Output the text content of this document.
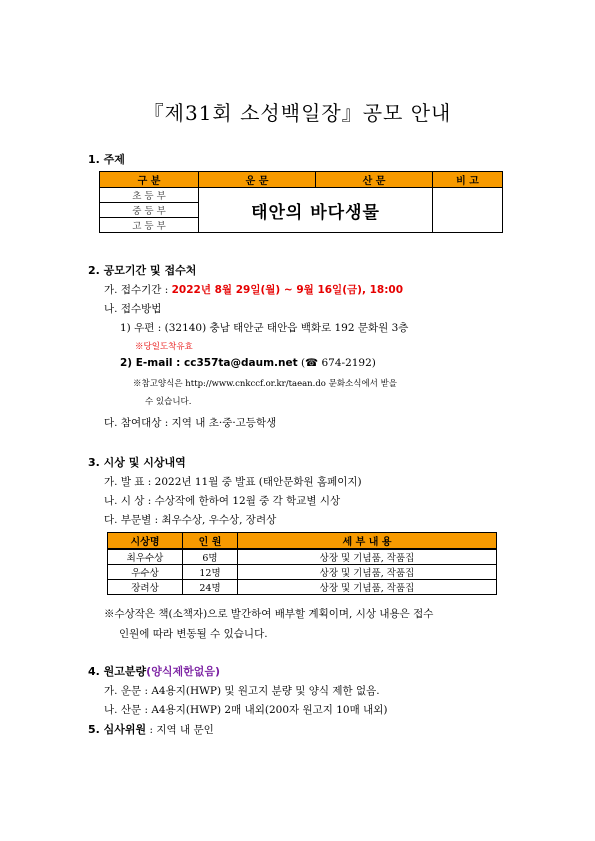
『제31회 소성백일장』공모 안내
1. 주제
구 분	운 문	산 문	비 고
초 등 부	태안의 바다생물		
중 등 부			
고 등 부			
2. 공모기간 및 접수처
가. 접수기간 : 2022년 8월 29일(월) ~ 9월 16일(금), 18:00
나. 접수방법
1) 우편 : (32140) 충남 태안군 태안읍 백화로 192 문화원 3층
※당일도착유효
2) E-mail : cc357ta@daum.net (☎ 674-2192)
※참고양식은 http://www.cnkccf.or.kr/taean.do 문화소식에서 받을
수 있습니다.
다. 참여대상 : 지역 내 초·중·고등학생
3. 시상 및 시상내역
가. 발 표 : 2022년 11월 중 발표 (태안문화원 홈페이지)
나. 시 상 : 수상작에 한하여 12월 중 각 학교별 시상
다. 부문별 : 최우수상, 우수상, 장려상
시상명	인 원	세 부 내 용
최우수상	6명	상장 및 기념품, 작품집
우수상	12명	상장 및 기념품, 작품집
장려상	24명	상장 및 기념품, 작품집
※수상작은 책(소책자)으로 발간하여 배부할 계획이며, 시상 내용은 접수
인원에 따라 변동될 수 있습니다.
4. 원고분량(양식제한없음)
가. 운문 : A4용지(HWP) 및 원고지 분량 및 양식 제한 없음.
나. 산문 : A4용지(HWP) 2매 내외(200자 원고지 10매 내외)
5. 심사위원 : 지역 내 문인
